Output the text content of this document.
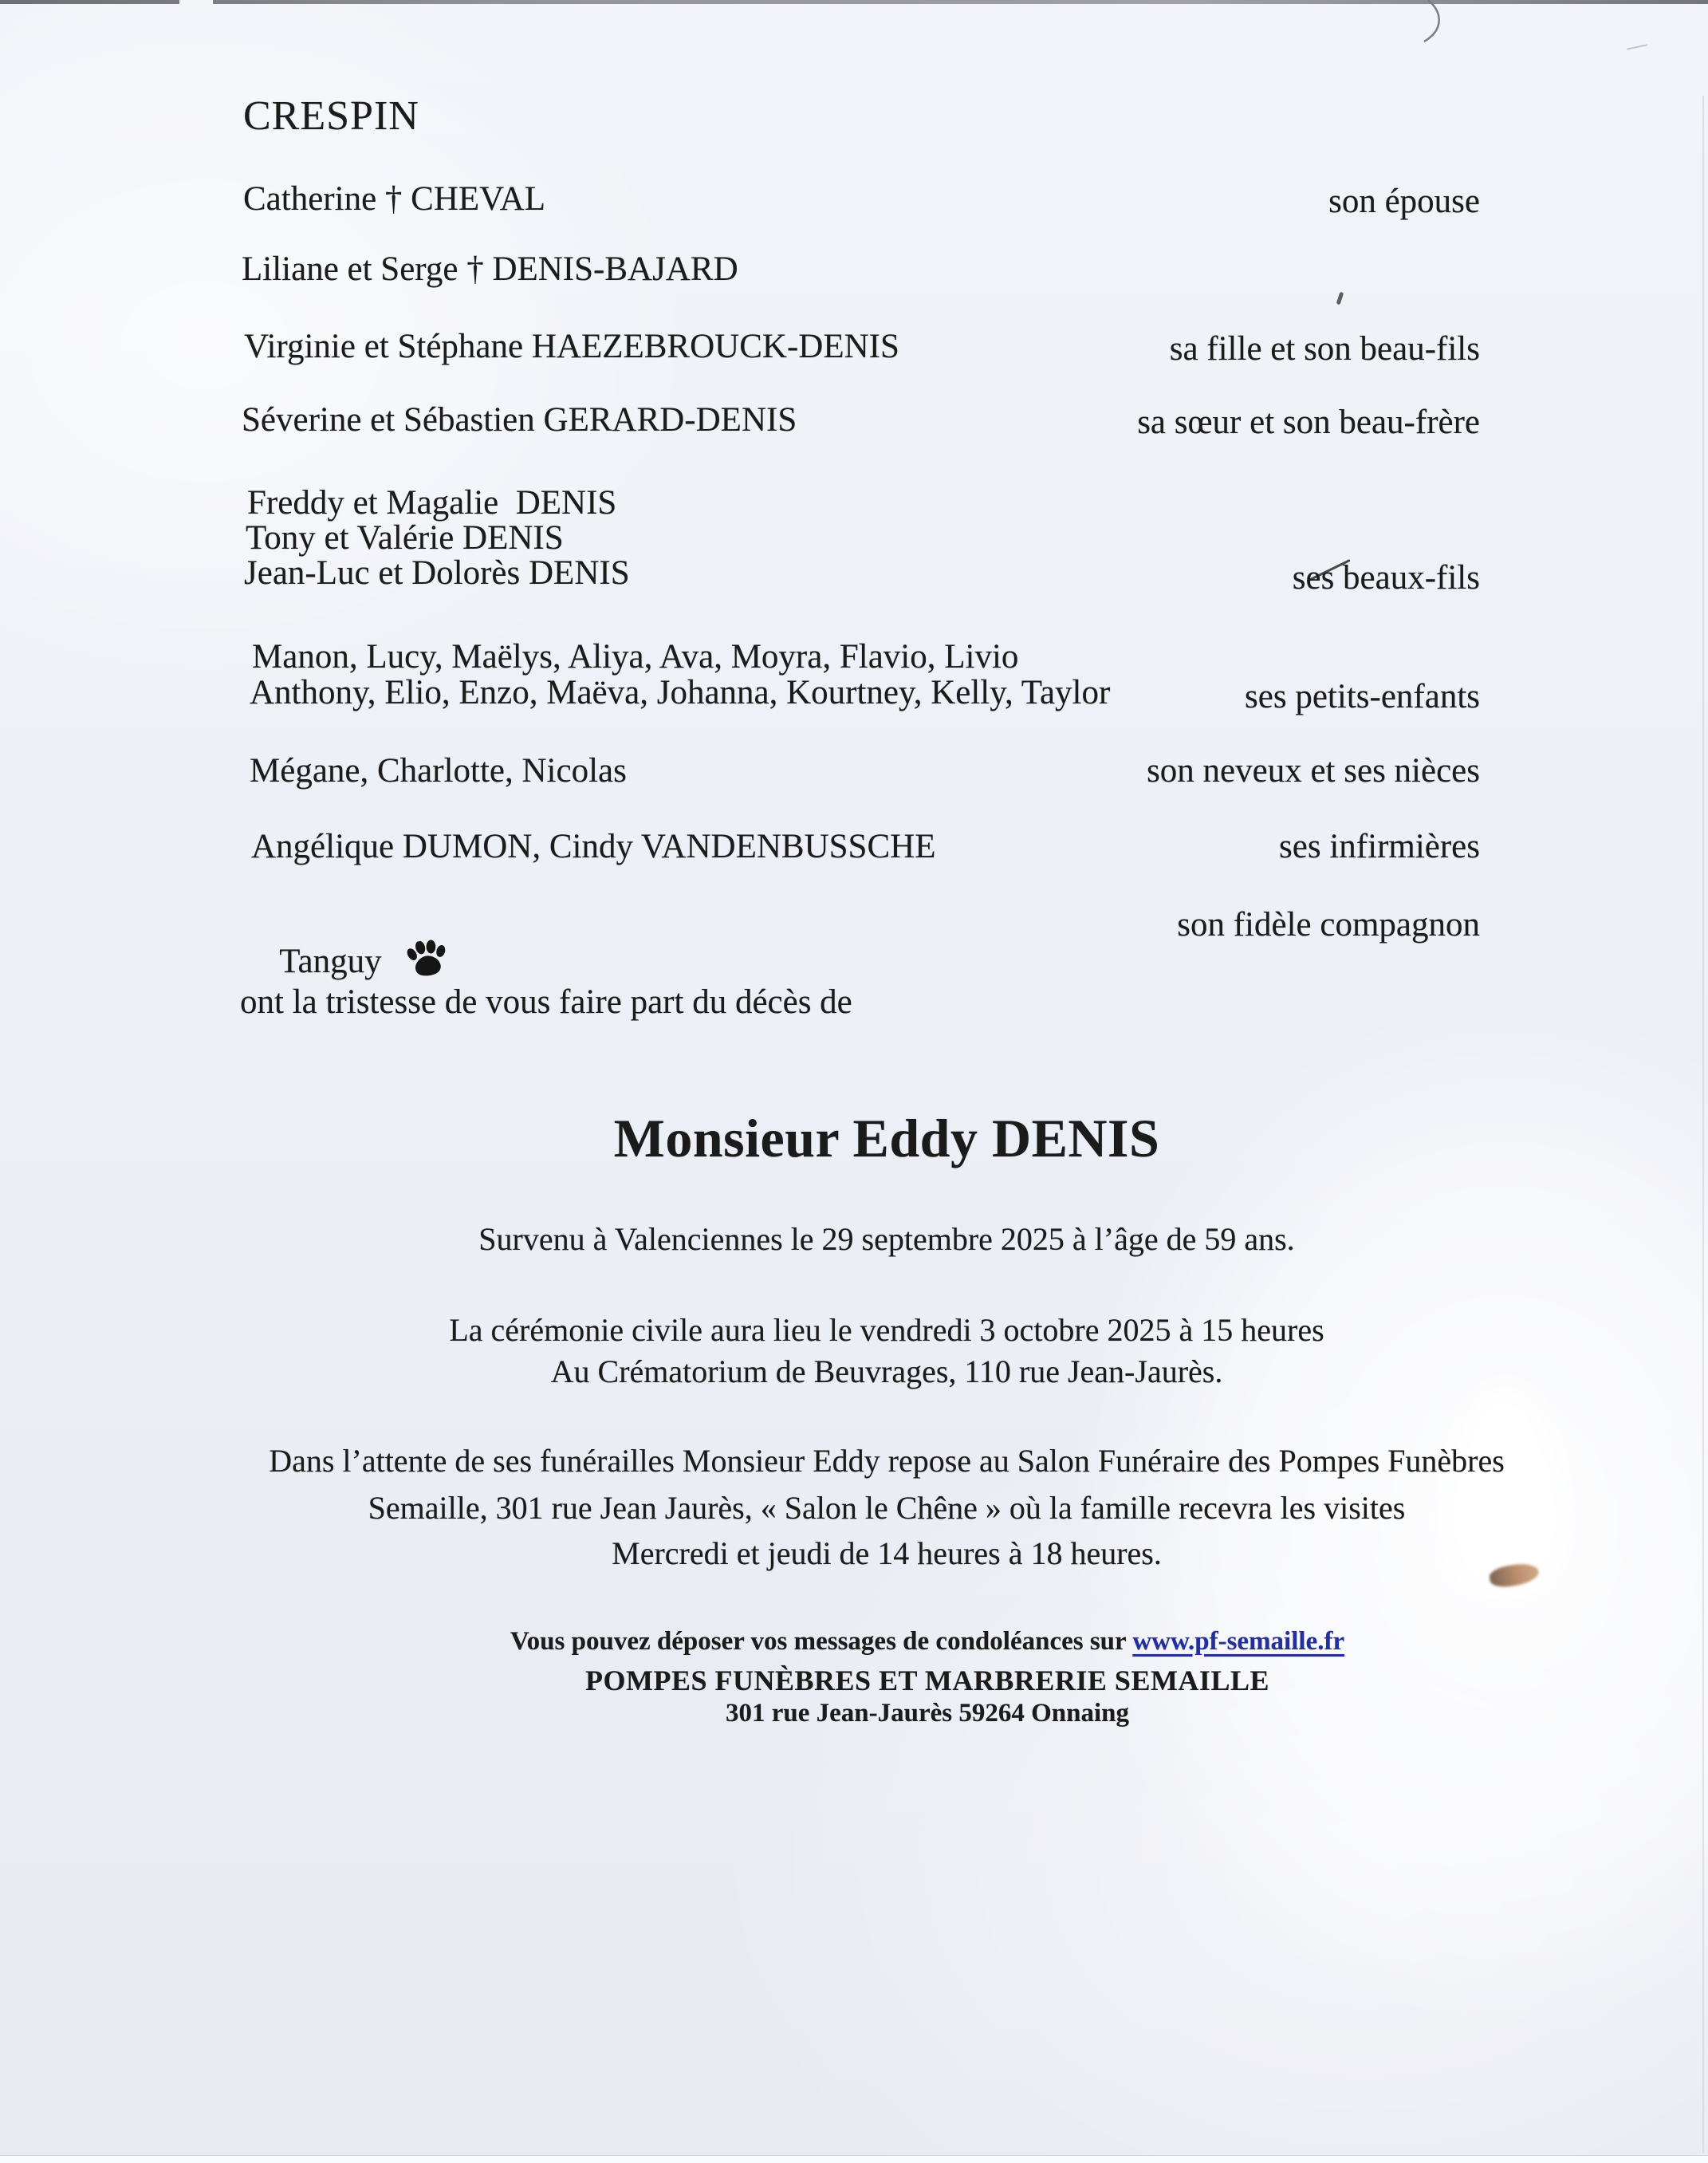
CRESPIN
Catherine † CHEVAL
Liliane et Serge † DENIS-BAJARD
Virginie et Stéphane HAEZEBROUCK-DENIS
Séverine et Sébastien GERARD-DENIS
Freddy et Magalie  DENIS
Tony et Valérie DENIS
Jean-Luc et Dolorès DENIS
Manon, Lucy, Maëlys, Aliya, Ava, Moyra, Flavio, Livio
Anthony, Elio, Enzo, Maëva, Johanna, Kourtney, Kelly, Taylor
Mégane, Charlotte, Nicolas
Angélique DUMON, Cindy VANDENBUSSCHE

Tanguy

son épouse
sa fille et son beau-fils
sa sœur et son beau-frère
ses beaux-fils
ses petits-enfants
son neveux et ses nièces
ses infirmières
son fidèle compagnon
ont la tristesse de vous faire part du décès de
Monsieur Eddy DENIS
Survenu à Valenciennes le 29 septembre 2025 à l’âge de 59 ans.
La cérémonie civile aura lieu le vendredi 3 octobre 2025 à 15 heures
Au Crématorium de Beuvrages, 110 rue Jean-Jaurès.
Dans l’attente de ses funérailles Monsieur Eddy repose au Salon Funéraire des Pompes Funèbres
Semaille, 301 rue Jean Jaurès, « Salon le Chêne » où la famille recevra les visites
Mercredi et jeudi de 14 heures à 18 heures.
Vous pouvez déposer vos messages de condoléances sur www.pf-semaille.fr
POMPES FUNÈBRES ET MARBRERIE SEMAILLE
301 rue Jean-Jaurès 59264 Onnaing
